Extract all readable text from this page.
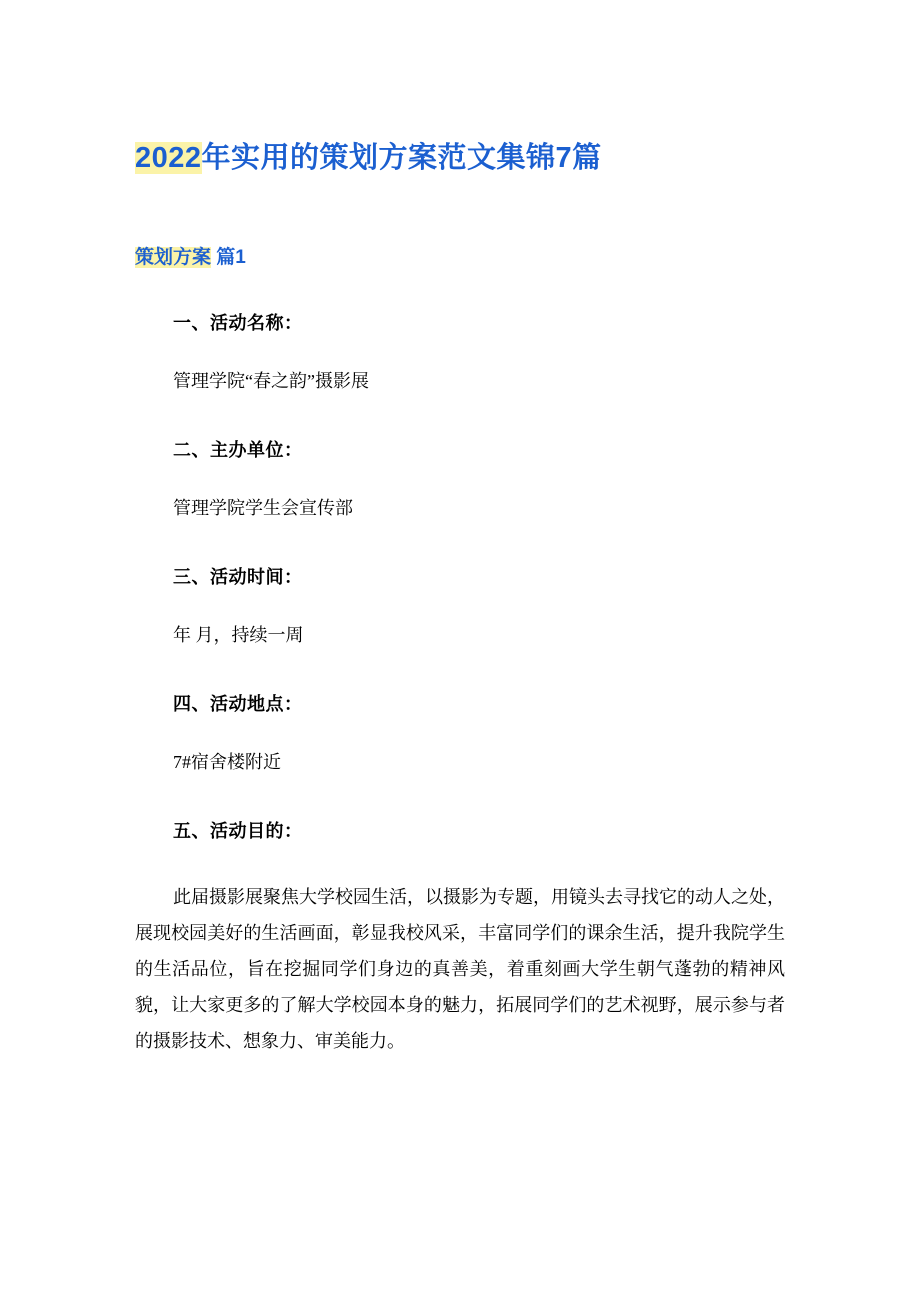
2022年实用的策划方案范文集锦7篇
策划方案 篇1
一、活动名称：

管理学院“春之韵”摄影展

二、主办单位：

管理学院学生会宣传部

三、活动时间：

年 月，持续一周

四、活动地点：

7#宿舍楼附近

五、活动目的：

此届摄影展聚焦大学校园生活，以摄影为专题，用镜头去寻找它的动人之处，展现校园美好的生活画面，彰显我校风采，丰富同学们的课余生活，提升我院学生的生活品位，旨在挖掘同学们身边的真善美，着重刻画大学生朝气蓬勃的精神风貌，让大家更多的了解大学校园本身的魅力，拓展同学们的艺术视野，展示参与者的摄影技术、想象力、审美能力。
